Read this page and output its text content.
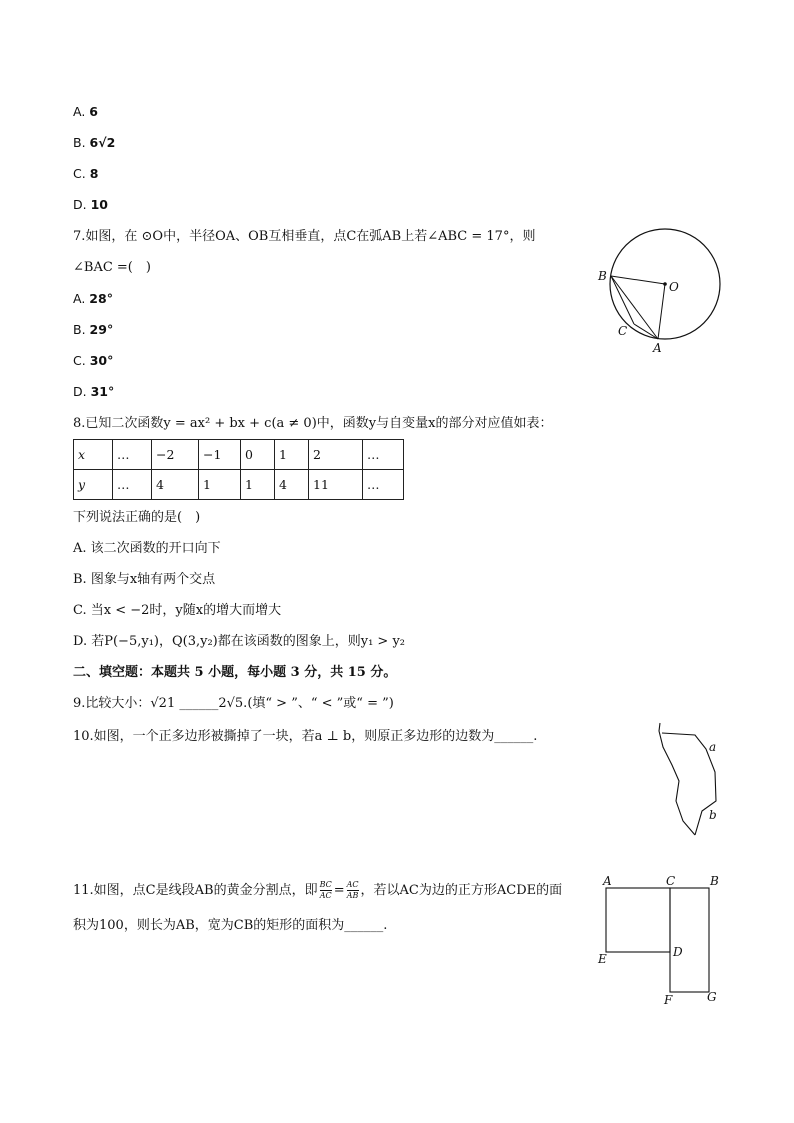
A. 6
B. 6√2
C. 8
D. 10
7.如图，在 ⊙O中，半径OA、OB互相垂直，点C在弧AB上若∠ABC = 17°，则
∠BAC =(　)
A. 28°
B. 29°
C. 30°
D. 31°
B
O
C
A
8.已知二次函数y = ax² + bx + c(a ≠ 0)中，函数y与自变量x的部分对应值如表：
x	…	−2	−1	0	1	2	…
y	…	4	1	1	4	11	…
下列说法正确的是(　)
A. 该二次函数的开口向下
B. 图象与x轴有两个交点
C. 当x < −2时，y随x的增大而增大
D. 若P(−5,y₁)，Q(3,y₂)都在该函数的图象上，则y₁ > y₂
二、填空题：本题共 5 小题，每小题 3 分，共 15 分。
9.比较大小：√21 ______2√5.(填“ > ”、“ < ”或“ = ”)
10.如图，一个正多边形被撕掉了一块，若a ⊥ b，则原正多边形的边数为______.
a
b
11.如图，点C是线段AB的黄金分割点，即 $\frac{BC}{AC} = \frac{AC}{AB}$ ，若以AC为边的正方形ACDE的面
积为100，则长为AB，宽为CB的矩形的面积为______.
A	C	B
E	D
F	G
